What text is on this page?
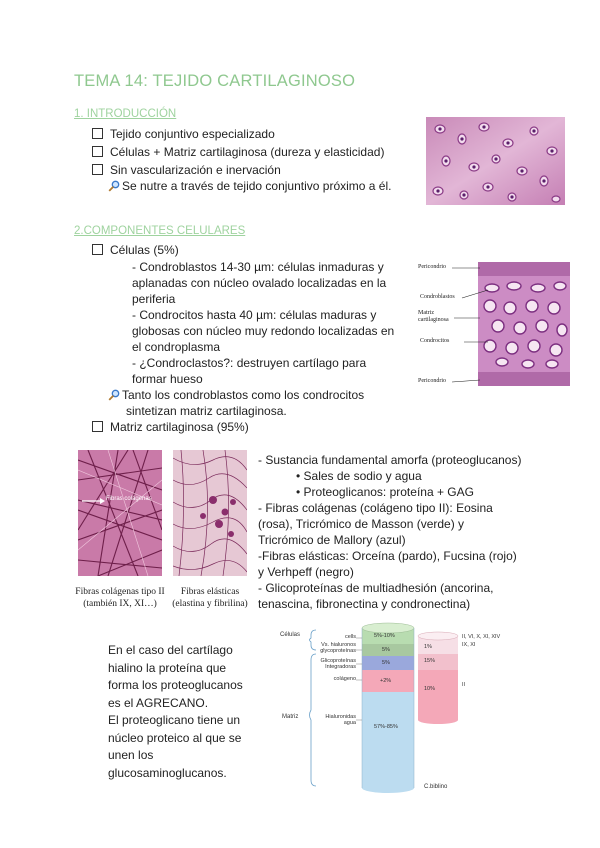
TEMA 14: TEJIDO CARTILAGINOSO
1. INTRODUCCIÓN
Tejido conjuntivo especializado
Células + Matriz cartilaginosa (dureza y elasticidad)
Sin vascularización e inervación
Se nutre a través de tejido conjuntivo próximo a él.
2.COMPONENTES CELULARES
Células (5%)
- Condroblastos 14-30 µm: células inmaduras y
aplanadas con núcleo ovalado localizadas en la
periferia
- Condrocitos hasta 40 µm: células maduras y
globosas con núcleo muy redondo localizadas en
el condroplasma
- ¿Condroclastos?: destruyen cartílago para
formar hueso
Tanto los condroblastos como los condrocitos
sintetizan matriz cartilaginosa.
Matriz cartilaginosa (95%)
Pericondrio
Condroblastos
Matriz cartilaginosa
Condrocitos
Pericondrio
Fibras colágenas
Fibras colágenas tipo II
(también IX, XI…)
Fibras elásticas
(elastina y fibrilina)
- Sustancia fundamental amorfa (proteoglucanos)
• Sales de sodio y agua
• Proteoglicanos: proteína + GAG
- Fibras colágenas (colágeno tipo II): Eosina
(rosa), Tricrómico de Masson (verde) y
Tricrómico de Mallory (azul)
-Fibras elásticas: Orceína (pardo), Fucsina (rojo)
y Verhpeff (negro)
- Glicoproteínas de multiadhesión (ancorina,
tenascina, fibronectina y condronectina)
En el caso del cartílago
hialino la proteína que
forma los proteoglucanos
es el AGRECANO.
El proteoglicano tiene un
núcleo proteico al que se
unen los
glucosaminoglucanos.
Células
Matriz
cells
Vs. hialuronos glycoproteínas
Glicoproteínas Integradoras
colágeno
Hialuronidas agua
5%-10%
5%
5%
+2%
57%-85%
1%
15%
10%
II, VI, X, XI, XIV
IX, XI
II
C.biblino
